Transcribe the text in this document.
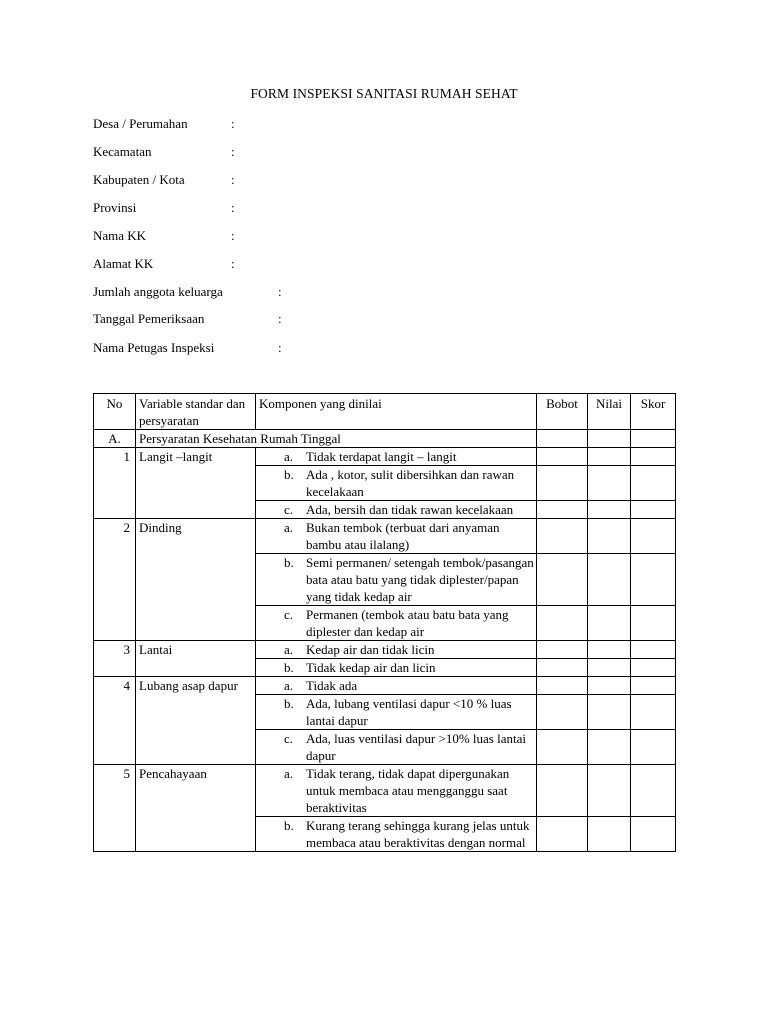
FORM INSPEKSI SANITASI RUMAH SEHAT
Desa / Perumahan	:
Kecamatan	:
Kabupaten / Kota	:
Provinsi	:
Nama KK	:
Alamat KK	:
Jumlah anggota keluarga	:
Tanggal Pemeriksaan	:
Nama Petugas Inspeksi	:
No	Variable standar dan persyaratan	Komponen yang dinilai	Bobot	Nilai	Skor
A.	Persyaratan Kesehatan Rumah Tinggal				
1	Langit –langit	a. Tidak terdapat langit – langit			

		b. Ada , kotor, sulit dibersihkan dan rawan kecelakaan			

		c. Ada, bersih dan tidak rawan kecelakaan			
2	Dinding	a. Bukan tembok (terbuat dari anyaman bambu atau ilalang)			

		b. Semi permanen/ setengah tembok/pasangan bata atau batu yang tidak diplester/papan yang tidak kedap air			

		c. Permanen (tembok atau batu bata yang diplester dan kedap air			
3	Lantai	a. Kedap air dan tidak licin			

		b. Tidak kedap air dan licin			
4	Lubang asap dapur	a. Tidak ada			

		b. Ada, lubang ventilasi dapur <10 % luas lantai dapur			

		c. Ada, luas ventilasi dapur >10% luas lantai dapur			
5	Pencahayaan	a. Tidak terang, tidak dapat dipergunakan untuk membaca atau mengganggu saat beraktivitas			

		b. Kurang terang sehingga kurang jelas untuk membaca atau beraktivitas dengan normal			
